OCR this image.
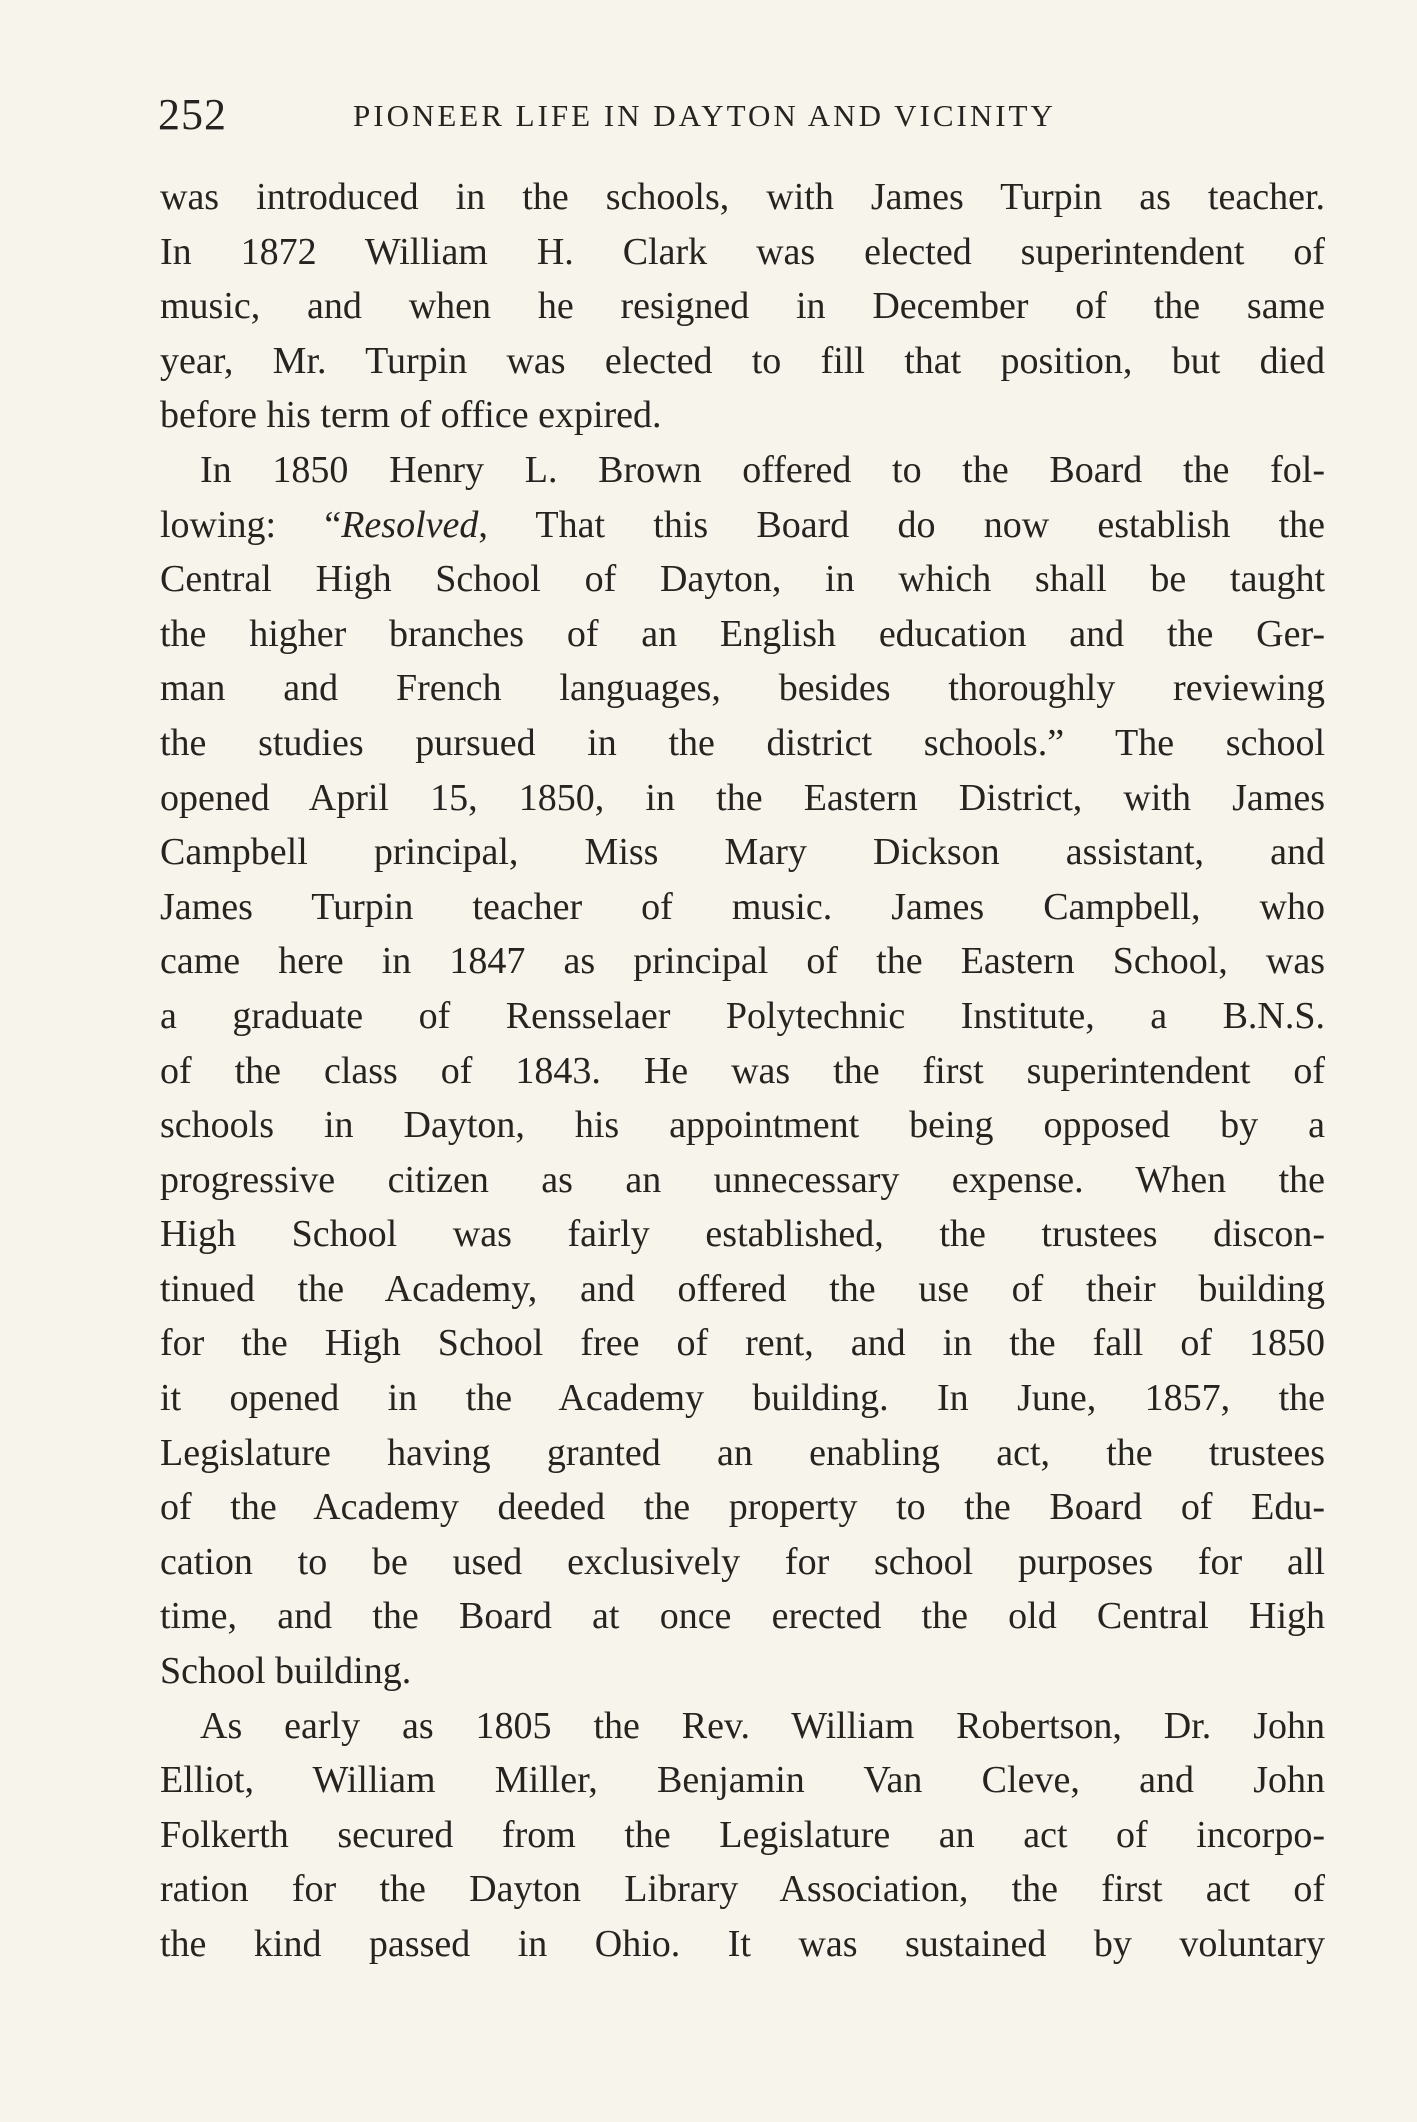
252	PIONEER LIFE IN DAYTON AND VICINITY
was introduced in the schools, with James Turpin as teacher.
In 1872 William H. Clark was elected superintendent of
music, and when he resigned in December of the same
year, Mr. Turpin was elected to fill that position, but died
before his term of office expired.
In 1850 Henry L. Brown offered to the Board the fol-
lowing: “Resolved, That this Board do now establish the
Central High School of Dayton, in which shall be taught
the higher branches of an English education and the Ger-
man and French languages, besides thoroughly reviewing
the studies pursued in the district schools.” The school
opened April 15, 1850, in the Eastern District, with James
Campbell principal, Miss Mary Dickson assistant, and
James Turpin teacher of music. James Campbell, who
came here in 1847 as principal of the Eastern School, was
a graduate of Rensselaer Polytechnic Institute, a B.N.S.
of the class of 1843. He was the first superintendent of
schools in Dayton, his appointment being opposed by a
progressive citizen as an unnecessary expense. When the
High School was fairly established, the trustees discon-
tinued the Academy, and offered the use of their building
for the High School free of rent, and in the fall of 1850
it opened in the Academy building. In June, 1857, the
Legislature having granted an enabling act, the trustees
of the Academy deeded the property to the Board of Edu-
cation to be used exclusively for school purposes for all
time, and the Board at once erected the old Central High
School building.
As early as 1805 the Rev. William Robertson, Dr. John
Elliot, William Miller, Benjamin Van Cleve, and John
Folkerth secured from the Legislature an act of incorpo-
ration for the Dayton Library Association, the first act of
the kind passed in Ohio. It was sustained by voluntary
